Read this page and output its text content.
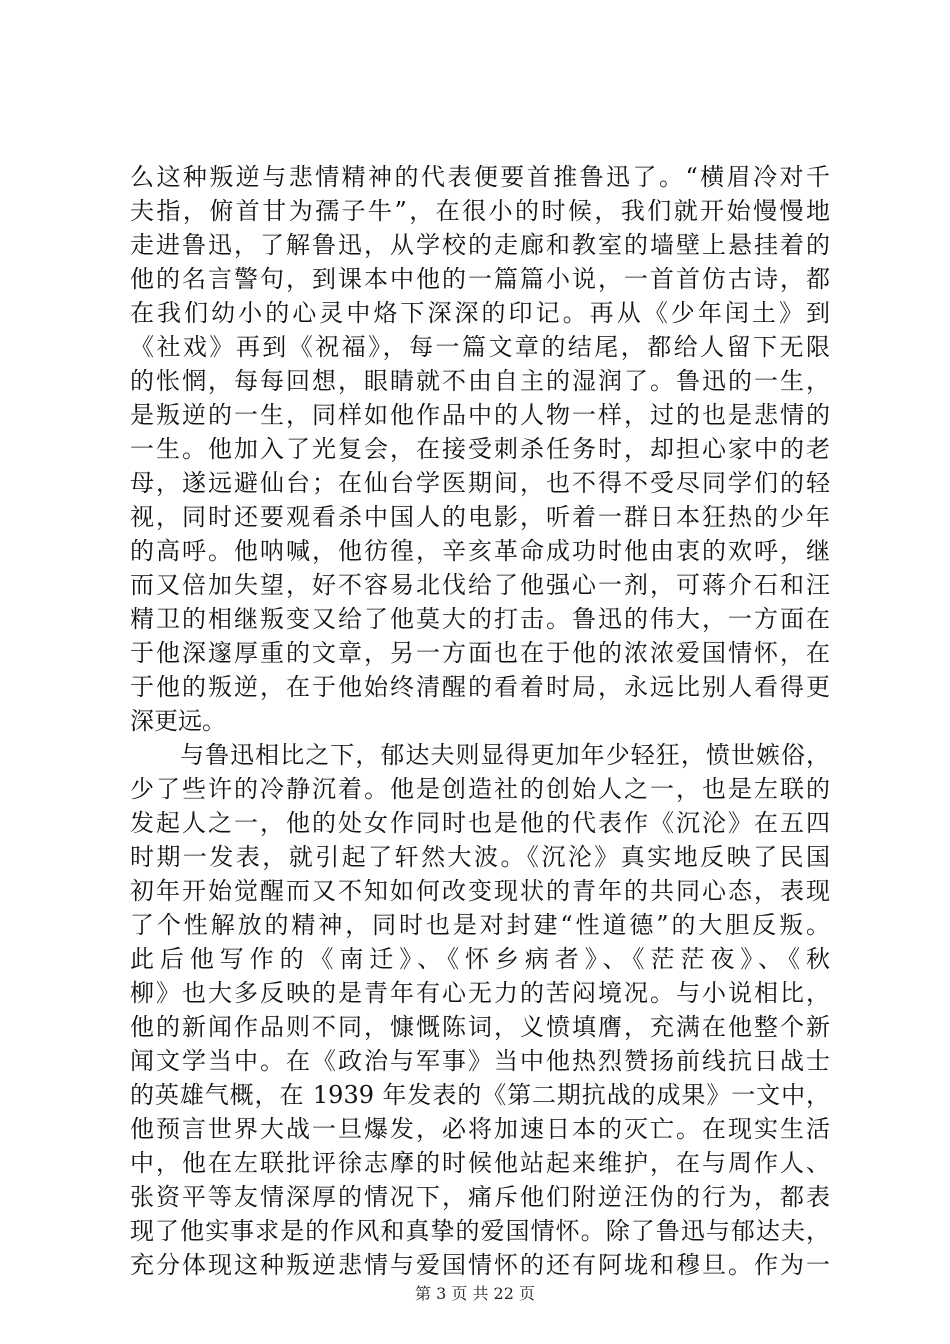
么这种叛逆与悲情精神的代表便要首推鲁迅了。“横眉冷对千
夫指，俯首甘为孺子牛”，在很小的时候，我们就开始慢慢地
走进鲁迅，了解鲁迅，从学校的走廊和教室的墙壁上悬挂着的
他的名言警句，到课本中他的一篇篇小说，一首首仿古诗，都
在我们幼小的心灵中烙下深深的印记。再从《少年闰土》到
《社戏》再到《祝福》，每一篇文章的结尾，都给人留下无限
的怅惘，每每回想，眼睛就不由自主的湿润了。鲁迅的一生，
是叛逆的一生，同样如他作品中的人物一样，过的也是悲情的
一生。他加入了光复会，在接受刺杀任务时，却担心家中的老
母，遂远避仙台；在仙台学医期间，也不得不受尽同学们的轻
视，同时还要观看杀中国人的电影，听着一群日本狂热的少年
的高呼。他呐喊，他彷徨，辛亥革命成功时他由衷的欢呼，继
而又倍加失望，好不容易北伐给了他强心一剂，可蒋介石和汪
精卫的相继叛变又给了他莫大的打击。鲁迅的伟大，一方面在
于他深邃厚重的文章，另一方面也在于他的浓浓爱国情怀，在
于他的叛逆，在于他始终清醒的看着时局，永远比别人看得更
深更远。
　　与鲁迅相比之下，郁达夫则显得更加年少轻狂，愤世嫉俗，
少了些许的冷静沉着。他是创造社的创始人之一，也是左联的
发起人之一，他的处女作同时也是他的代表作《沉沦》在五四
时期一发表，就引起了轩然大波。《沉沦》真实地反映了民国
初年开始觉醒而又不知如何改变现状的青年的共同心态，表现
了个性解放的精神，同时也是对封建“性道德”的大胆反叛。
此后他写作的《南迁》、《怀乡病者》、《茫茫夜》、《秋
柳》也大多反映的是青年有心无力的苦闷境况。与小说相比，
他的新闻作品则不同，慷慨陈词，义愤填膺，充满在他整个新
闻文学当中。在《政治与军事》当中他热烈赞扬前线抗日战士
的英雄气概，在 1939 年发表的《第二期抗战的成果》一文中，
他预言世界大战一旦爆发，必将加速日本的灭亡。在现实生活
中，他在左联批评徐志摩的时候他站起来维护，在与周作人、
张资平等友情深厚的情况下，痛斥他们附逆汪伪的行为，都表
现了他实事求是的作风和真挚的爱国情怀。除了鲁迅与郁达夫，
充分体现这种叛逆悲情与爱国情怀的还有阿垅和穆旦。作为一
第 3 页 共 22 页
